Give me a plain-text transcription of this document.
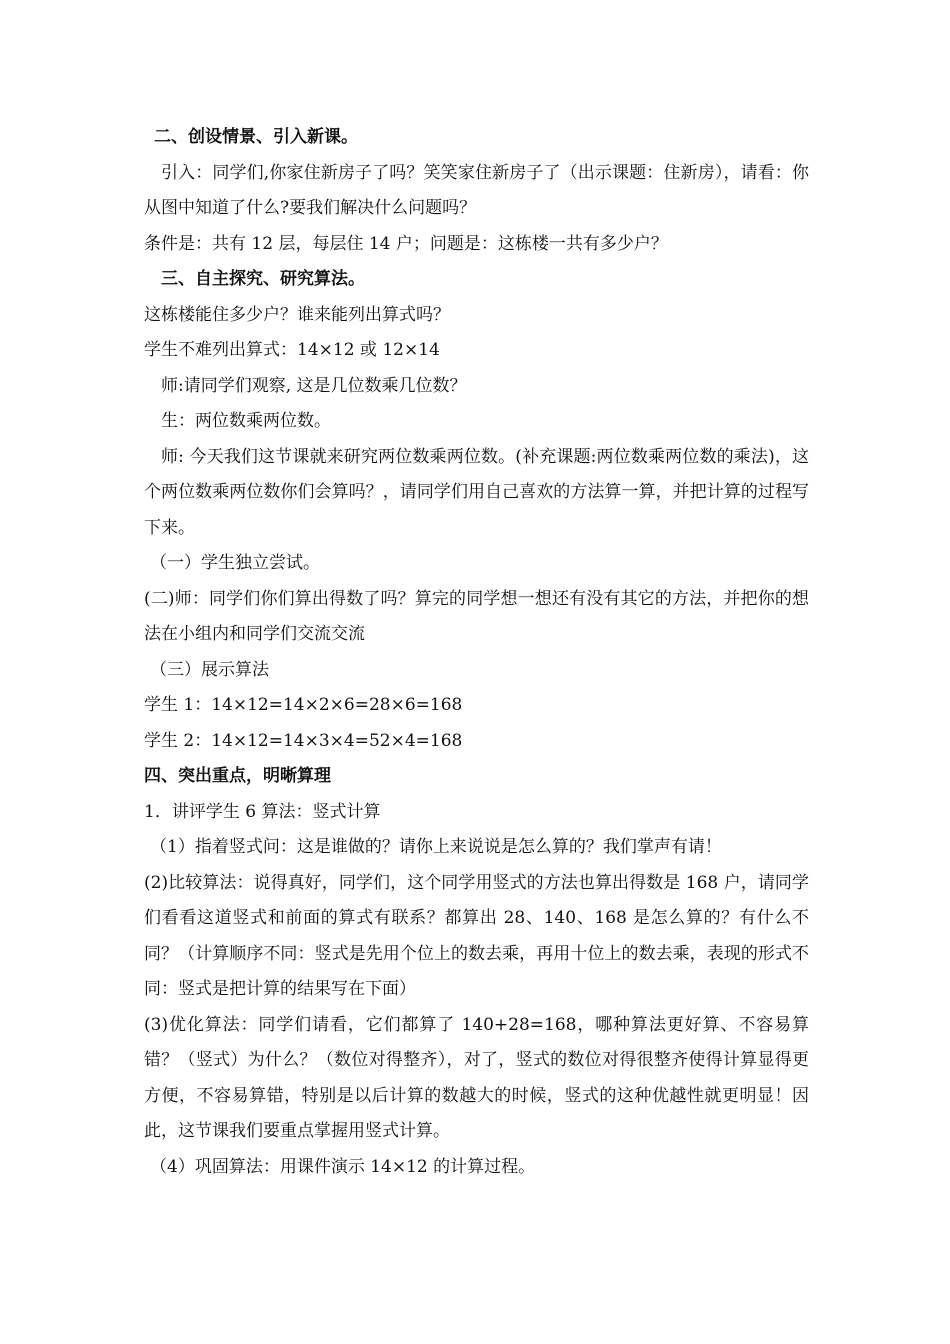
二、创设情景、引入新课。
引入：同学们,你家住新房子了吗？笑笑家住新房子了（出示课题：住新房），请看：你从图中知道了什么?要我们解决什么问题吗？
条件是：共有 12 层，每层住 14 户；问题是：这栋楼一共有多少户？
三、自主探究、研究算法。
这栋楼能住多少户？谁来能列出算式吗？
学生不难列出算式：14×12 或 12×14
师:请同学们观察, 这是几位数乘几位数？
生：两位数乘两位数。
师: 今天我们这节课就来研究两位数乘两位数。(补充课题:两位数乘两位数的乘法)，这个两位数乘两位数你们会算吗？，请同学们用自己喜欢的方法算一算，并把计算的过程写下来。
（一）学生独立尝试。
(二)师：同学们你们算出得数了吗？算完的同学想一想还有没有其它的方法，并把你的想法在小组内和同学们交流交流
（三）展示算法
学生 1：14×12=14×2×6=28×6=168
学生 2：14×12=14×3×4=52×4=168
四、突出重点，明晰算理
1．讲评学生 6 算法：竖式计算
（1）指着竖式问：这是谁做的？请你上来说说是怎么算的？我们掌声有请！
(2)比较算法：说得真好，同学们，这个同学用竖式的方法也算出得数是 168 户，请同学们看看这道竖式和前面的算式有联系？都算出 28、140、168 是怎么算的？有什么不同？（计算顺序不同：竖式是先用个位上的数去乘，再用十位上的数去乘，表现的形式不同：竖式是把计算的结果写在下面）
(3)优化算法：同学们请看，它们都算了 140+28=168，哪种算法更好算、不容易算错？（竖式）为什么？（数位对得整齐），对了，竖式的数位对得很整齐使得计算显得更方便，不容易算错，特别是以后计算的数越大的时候，竖式的这种优越性就更明显！因此，这节课我们要重点掌握用竖式计算。
（4）巩固算法：用课件演示 14×12 的计算过程。
